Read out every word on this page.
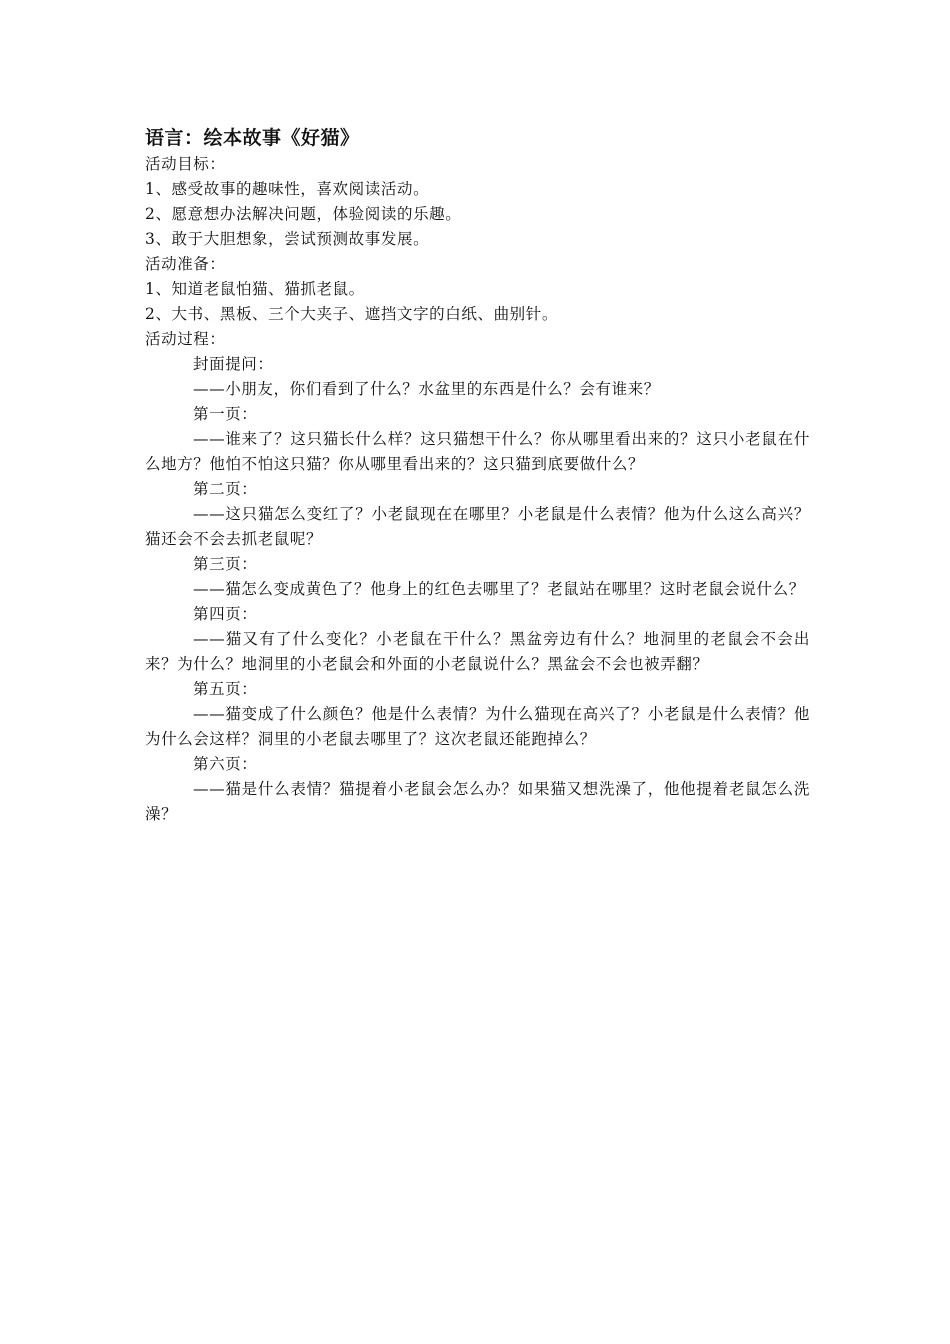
语言：绘本故事《好猫》

活动目标：

1、感受故事的趣味性，喜欢阅读活动。

2、愿意想办法解决问题，体验阅读的乐趣。

3、敢于大胆想象，尝试预测故事发展。

活动准备：

1、知道老鼠怕猫、猫抓老鼠。

2、大书、黑板、三个大夹子、遮挡文字的白纸、曲别针。

活动过程：

封面提问：

——小朋友，你们看到了什么？水盆里的东西是什么？会有谁来？

第一页：

——谁来了？这只猫长什么样？这只猫想干什么？你从哪里看出来的？这只小老鼠在什么地方？他怕不怕这只猫？你从哪里看出来的？这只猫到底要做什么？

第二页：

——这只猫怎么变红了？小老鼠现在在哪里？小老鼠是什么表情？他为什么这么高兴？猫还会不会去抓老鼠呢？

第三页：

——猫怎么变成黄色了？他身上的红色去哪里了？老鼠站在哪里？这时老鼠会说什么？

第四页：

——猫又有了什么变化？小老鼠在干什么？黑盆旁边有什么？地洞里的老鼠会不会出来？为什么？地洞里的小老鼠会和外面的小老鼠说什么？黑盆会不会也被弄翻？

第五页：

——猫变成了什么颜色？他是什么表情？为什么猫现在高兴了？小老鼠是什么表情？他为什么会这样？洞里的小老鼠去哪里了？这次老鼠还能跑掉么？

第六页：

——猫是什么表情？猫提着小老鼠会怎么办？如果猫又想洗澡了，他他提着老鼠怎么洗澡？
